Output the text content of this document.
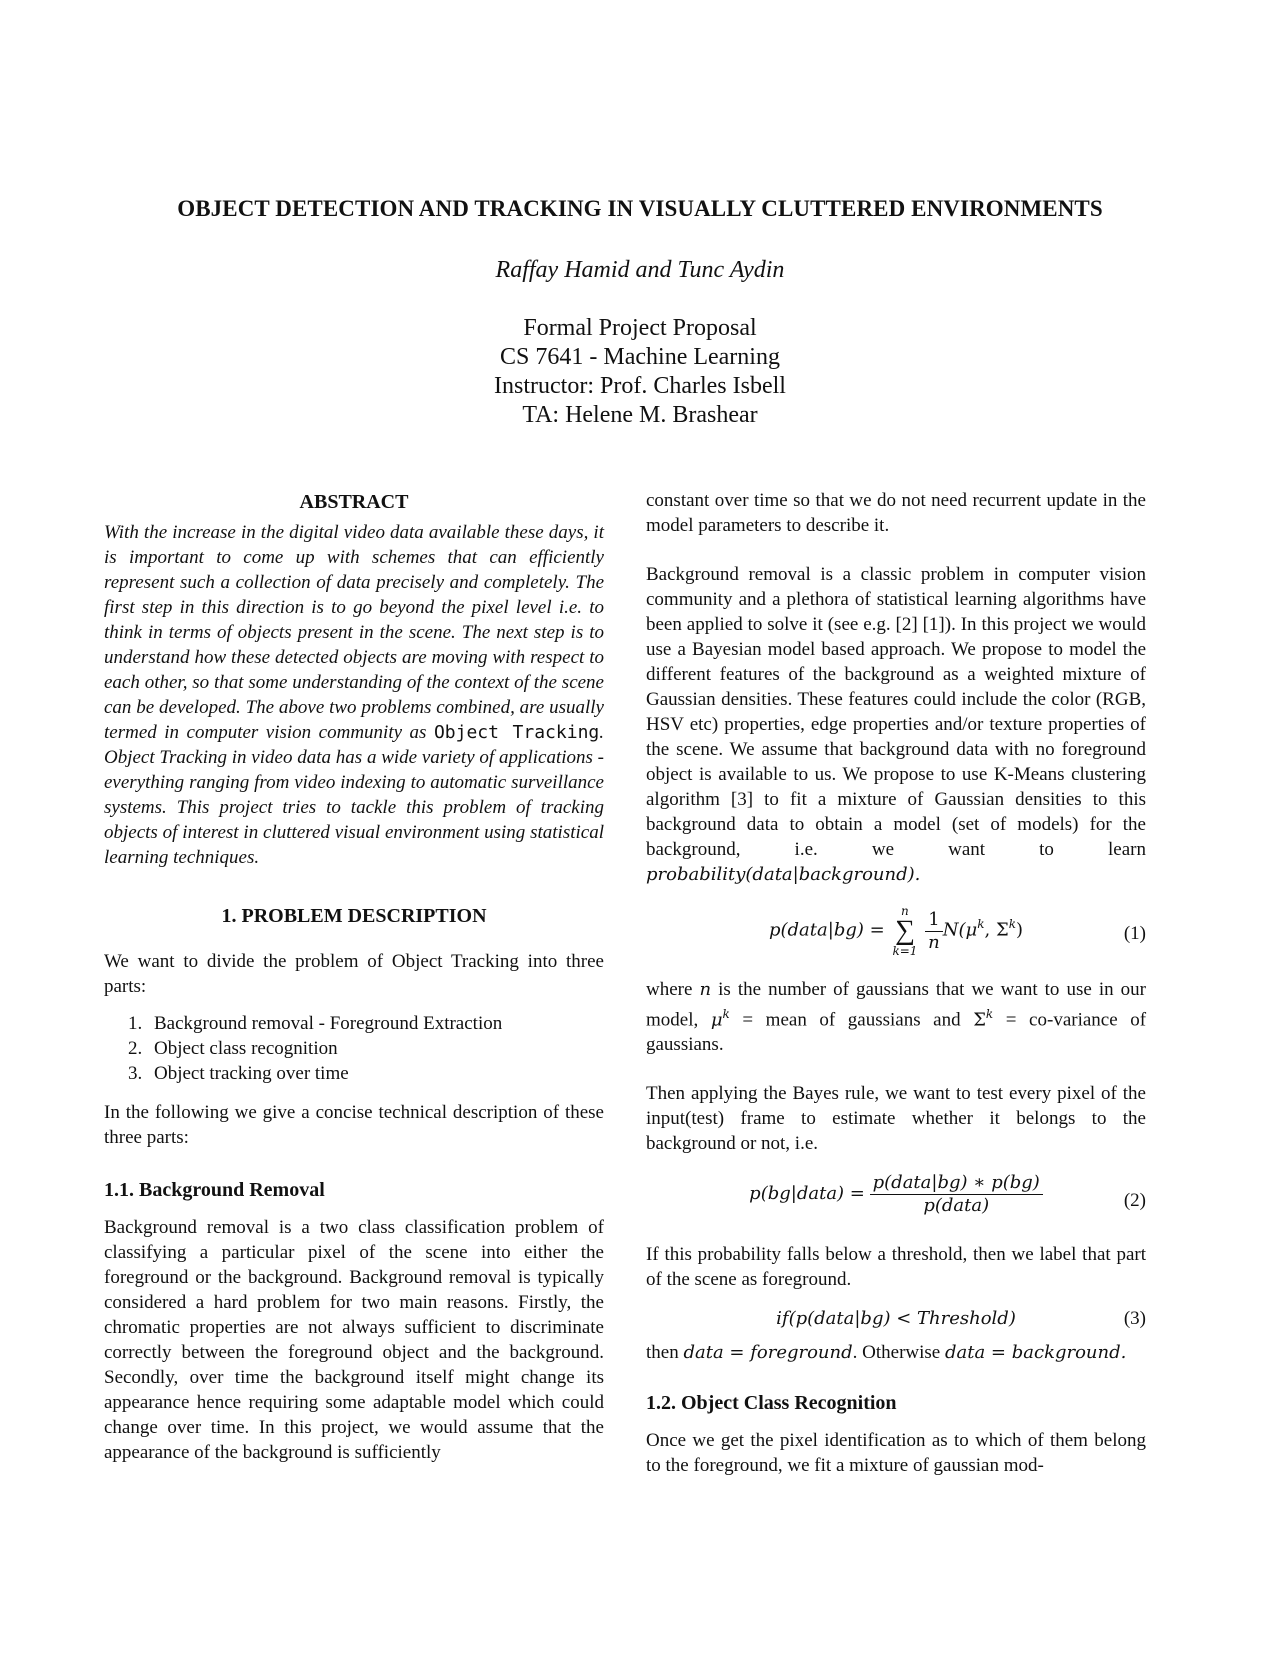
OBJECT DETECTION AND TRACKING IN VISUALLY CLUTTERED ENVIRONMENTS
Raffay Hamid and Tunc Aydin
Formal Project Proposal
CS 7641 - Machine Learning
Instructor: Prof. Charles Isbell
TA: Helene M. Brashear
ABSTRACT

With the increase in the digital video data available these days, it is important to come up with schemes that can efficiently represent such a collection of data precisely and completely. The first step in this direction is to go beyond the pixel level i.e. to think in terms of objects present in the scene. The next step is to understand how these detected objects are moving with respect to each other, so that some understanding of the context of the scene can be developed. The above two problems combined, are usually termed in computer vision community as Object Tracking. Object Tracking in video data has a wide variety of applications - everything ranging from video indexing to automatic surveillance systems. This project tries to tackle this problem of tracking objects of interest in cluttered visual environment using statistical learning techniques.

1. PROBLEM DESCRIPTION

We want to divide the problem of Object Tracking into three parts:

1. Background removal - Foreground Extraction
2. Object class recognition
3. Object tracking over time

In the following we give a concise technical description of these three parts:

1.1. Background Removal

Background removal is a two class classification problem of classifying a particular pixel of the scene into either the foreground or the background. Background removal is typically considered a hard problem for two main reasons. Firstly, the chromatic properties are not always sufficient to discriminate correctly between the foreground object and the background. Secondly, over time the background itself might change its appearance hence requiring some adaptable model which could change over time. In this project, we would assume that the appearance of the background is sufficiently

constant over time so that we do not need recurrent update in the model parameters to describe it.

Background removal is a classic problem in computer vision community and a plethora of statistical learning algorithms have been applied to solve it (see e.g. [2] [1]). In this project we would use a Bayesian model based approach. We propose to model the different features of the background as a weighted mixture of Gaussian densities. These features could include the color (RGB, HSV etc) properties, edge properties and/or texture properties of the scene. We assume that background data with no foreground object is available to us. We propose to use K-Means clustering algorithm [3] to fit a mixture of Gaussian densities to this background data to obtain a model (set of models) for the background, i.e. we want to learn probability(data|background).

p(data|bg) =
n
∑
k=1
$\frac{1}{n} N(\mu^k$, $\Sigma^k$)	(1)

where n is the number of gaussians that we want to use in our model, $\mu^k$ = mean of gaussians and $\Sigma^k$ = co-variance of gaussians.

Then applying the Bayes rule, we want to test every pixel of the input(test) frame to estimate whether it belongs to the background or not, i.e.

p(bg|data) = $\frac{\text{p(data|bg) ∗ p(bg)}}{\text{p(data)}}$	(2)

If this probability falls below a threshold, then we label that part of the scene as foreground.

if(p(data|bg) < Threshold)	(3)

then data = foreground. Otherwise data = background.

1.2. Object Class Recognition

Once we get the pixel identification as to which of them belong to the foreground, we fit a mixture of gaussian mod-
